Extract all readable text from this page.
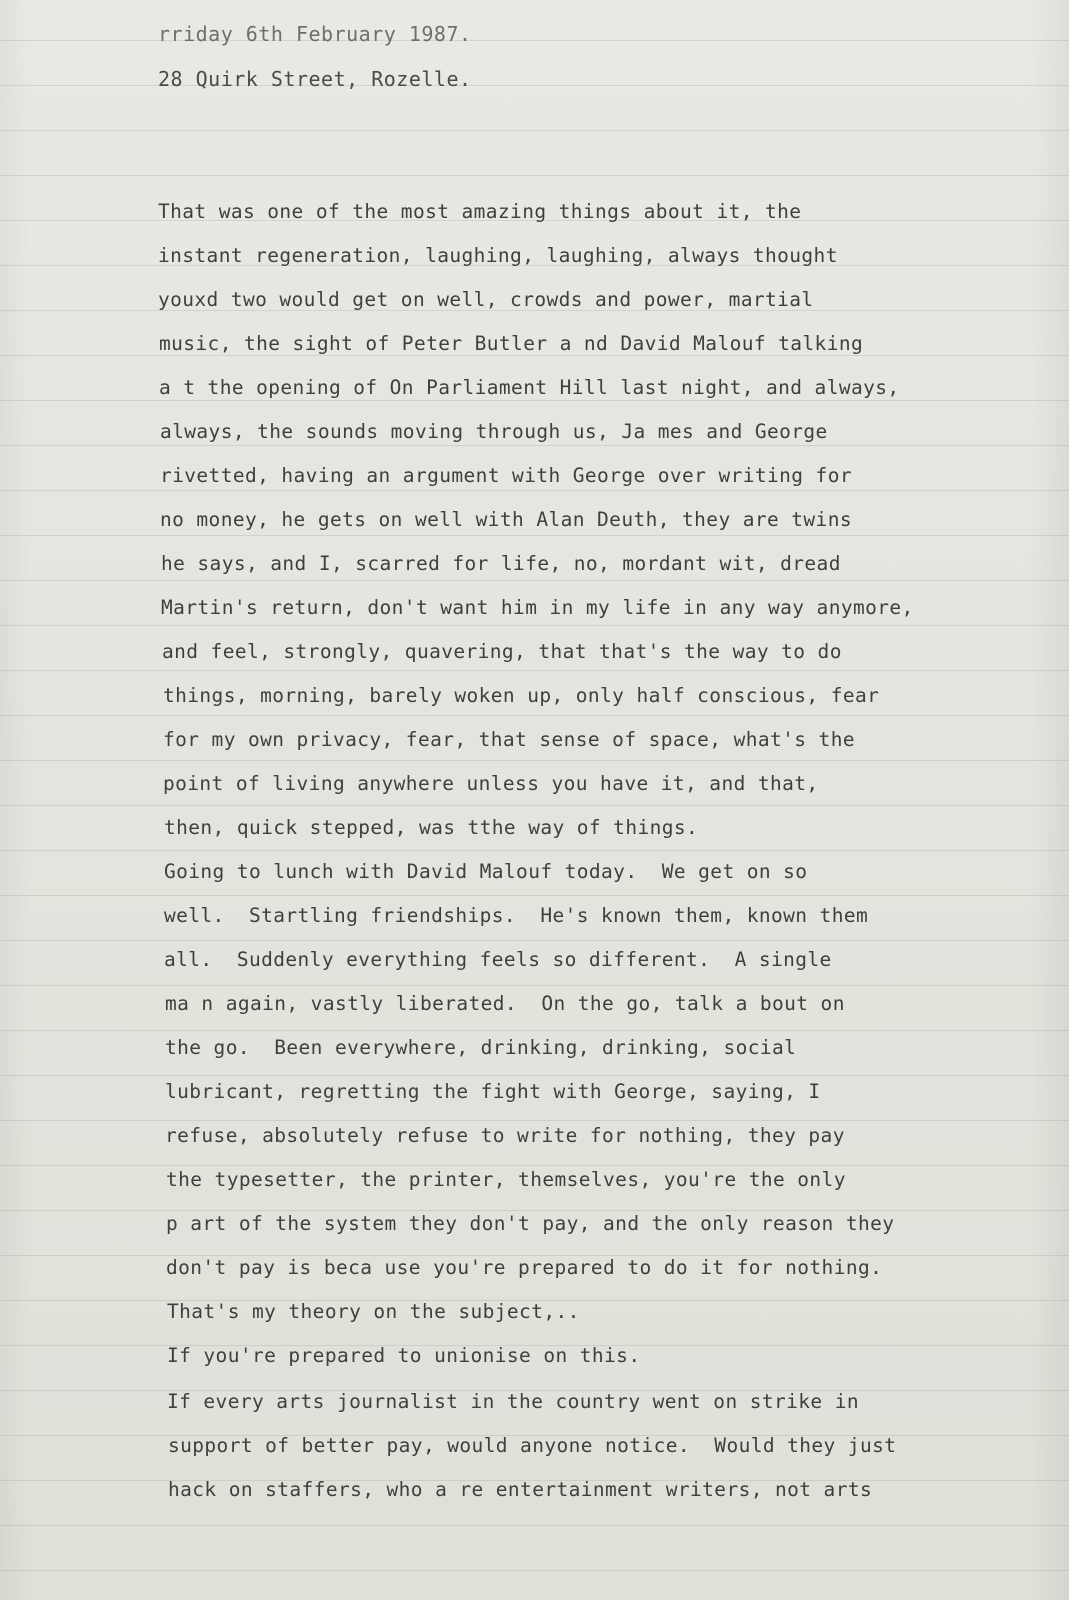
rriday 6th February 1987.
28 Quirk Street, Rozelle.
That was one of the most amazing things about it, the
instant regeneration, laughing, laughing, always thought
youxd two would get on well, crowds and power, martial
music, the sight of Peter Butler a nd David Malouf talking
a t the opening of On Parliament Hill last night, and always,
always, the sounds moving through us, Ja mes and George
rivetted, having an argument with George over writing for
no money, he gets on well with Alan Deuth, they are twins
he says, and I, scarred for life, no, mordant wit, dread
Martin's return, don't want him in my life in any way anymore,
and feel, strongly, quavering, that that's the way to do
things, morning, barely woken up, only half conscious, fear
for my own privacy, fear, that sense of space, what's the
point of living anywhere unless you have it, and that,
then, quick stepped, was tthe way of things.
Going to lunch with David Malouf today.  We get on so
well.  Startling friendships.  He's known them, known them
all.  Suddenly everything feels so different.  A single
ma n again, vastly liberated.  On the go, talk a bout on
the go.  Been everywhere, drinking, drinking, social
lubricant, regretting the fight with George, saying, I
refuse, absolutely refuse to write for nothing, they pay
the typesetter, the printer, themselves, you're the only
p art of the system they don't pay, and the only reason they
don't pay is beca use you're prepared to do it for nothing.
That's my theory on the subject,..
If you're prepared to unionise on this.
If every arts journalist in the country went on strike in
support of better pay, would anyone notice.  Would they just
hack on staffers, who a re entertainment writers, not arts
